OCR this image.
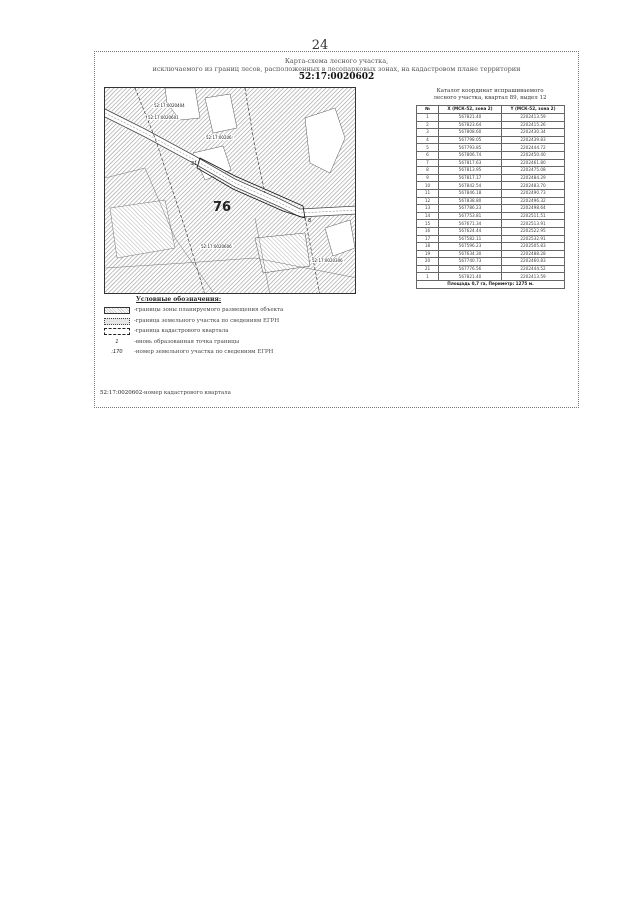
24
Карта-схема лесного участка,
исключаемого из границ лесов, расположенных в лесопарковых зонах, на кадастровом плане территории
52:17:0020602
52:17:0020404
52:17:0020601
52:17:00206:
52:17:0020606
52:17:0020306
8
21
76
Каталог координат испрашиваемого
лесного участка, квартал 89, выдел 12
№	X (МСК-52, зона 2)	Y (МСК-52, зона 2)
1	567821.40	2202413.59
2	567823.64	2202415.26
3	567808.60	2202430.34
4	567798.05	2202439.83
5	567793.85	2202444.72
6	567806.74	2202450.40
7	567817.63	2202461.80
8	567813.95	2202475.08
9	567817.17	2202484.29
10	567842.54	2202483.70
11	567846.18	2202490.73
12	567838.80	2202496.32
13	567786.23	2202498.64
14	567753.81	2202511.51
15	567671.34	2202513.91
16	567624.44	2202522.95
17	567582.11	2202532.91
18	567596.23	2202505.83
19	567634.30	2202488.28
20	567740.73	2202460.83
21	567776.56	2202444.52
1	567821.40	2202413.59
Площадь 0,7 га, Периметр: 1275 м.		
Условные обозначения:
-границы зоны планируемого размещения объекта
-граница земельного участка по сведениям ЕГРН
-граница кадастрового квартала
1	-вновь образованная точка границы
:170	-номер земельного участка по сведениям ЕГРН
52:17:0020602-номер кадастрового квартала
